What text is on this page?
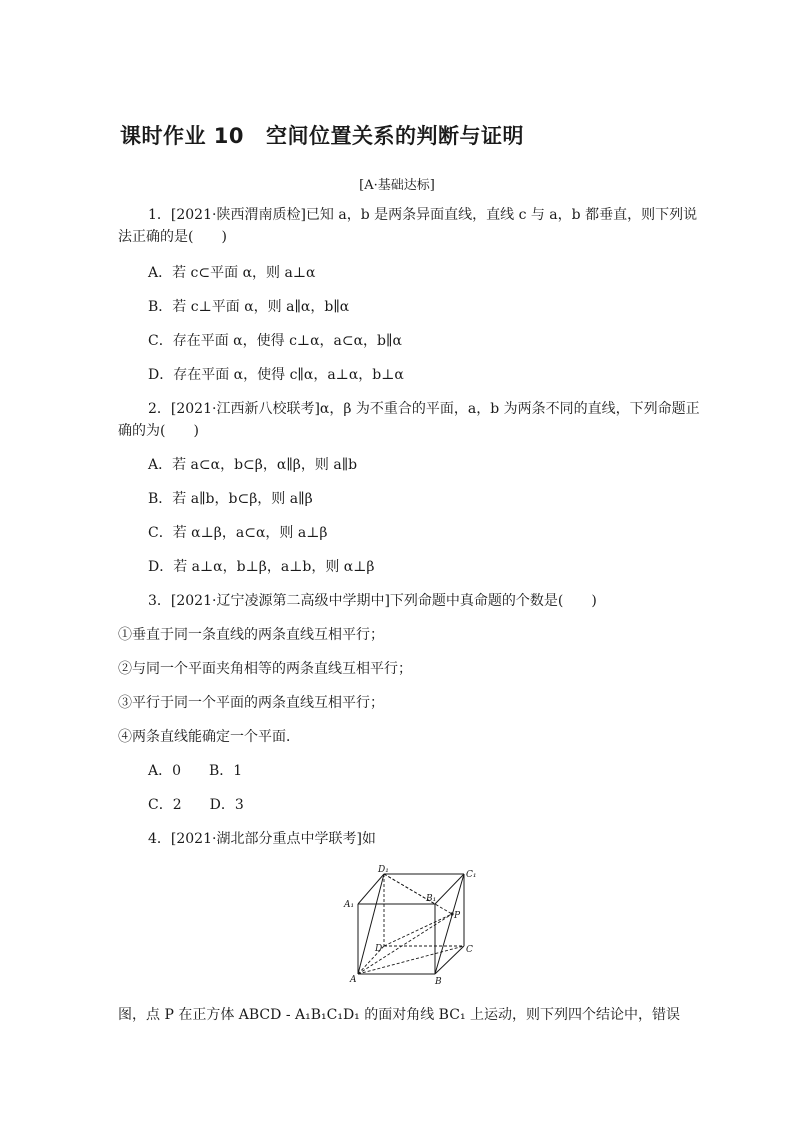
课时作业 10 空间位置关系的判断与证明
[A·基础达标]
1．[2021·陕西渭南质检]已知 a，b 是两条异面直线，直线 c 与 a，b 都垂直，则下列说
法正确的是(　　)
A．若 c⊂平面 α，则 a⊥α
B．若 c⊥平面 α，则 a∥α，b∥α
C．存在平面 α，使得 c⊥α，a⊂α，b∥α
D．存在平面 α，使得 c∥α，a⊥α，b⊥α
2．[2021·江西新八校联考]α，β 为不重合的平面，a，b 为两条不同的直线，下列命题正
确的为(　　)
A．若 a⊂α，b⊂β，α∥β，则 a∥b
B．若 a∥b，b⊂β，则 a∥β
C．若 α⊥β，a⊂α，则 a⊥β
D．若 a⊥α，b⊥β，a⊥b，则 α⊥β
3．[2021·辽宁凌源第二高级中学期中]下列命题中真命题的个数是(　　)
①垂直于同一条直线的两条直线互相平行；
②与同一个平面夹角相等的两条直线互相平行；
③平行于同一个平面的两条直线互相平行；
④两条直线能确定一个平面．
A．0　　B．1
C．2　　D．3
4．[2021·湖北部分重点中学联考]如
D₁	C₁
A₁
B₁
P
D	C
A	B
图，点 P 在正方体 ABCD - A₁B₁C₁D₁ 的面对角线 BC₁ 上运动，则下列四个结论中，错误
